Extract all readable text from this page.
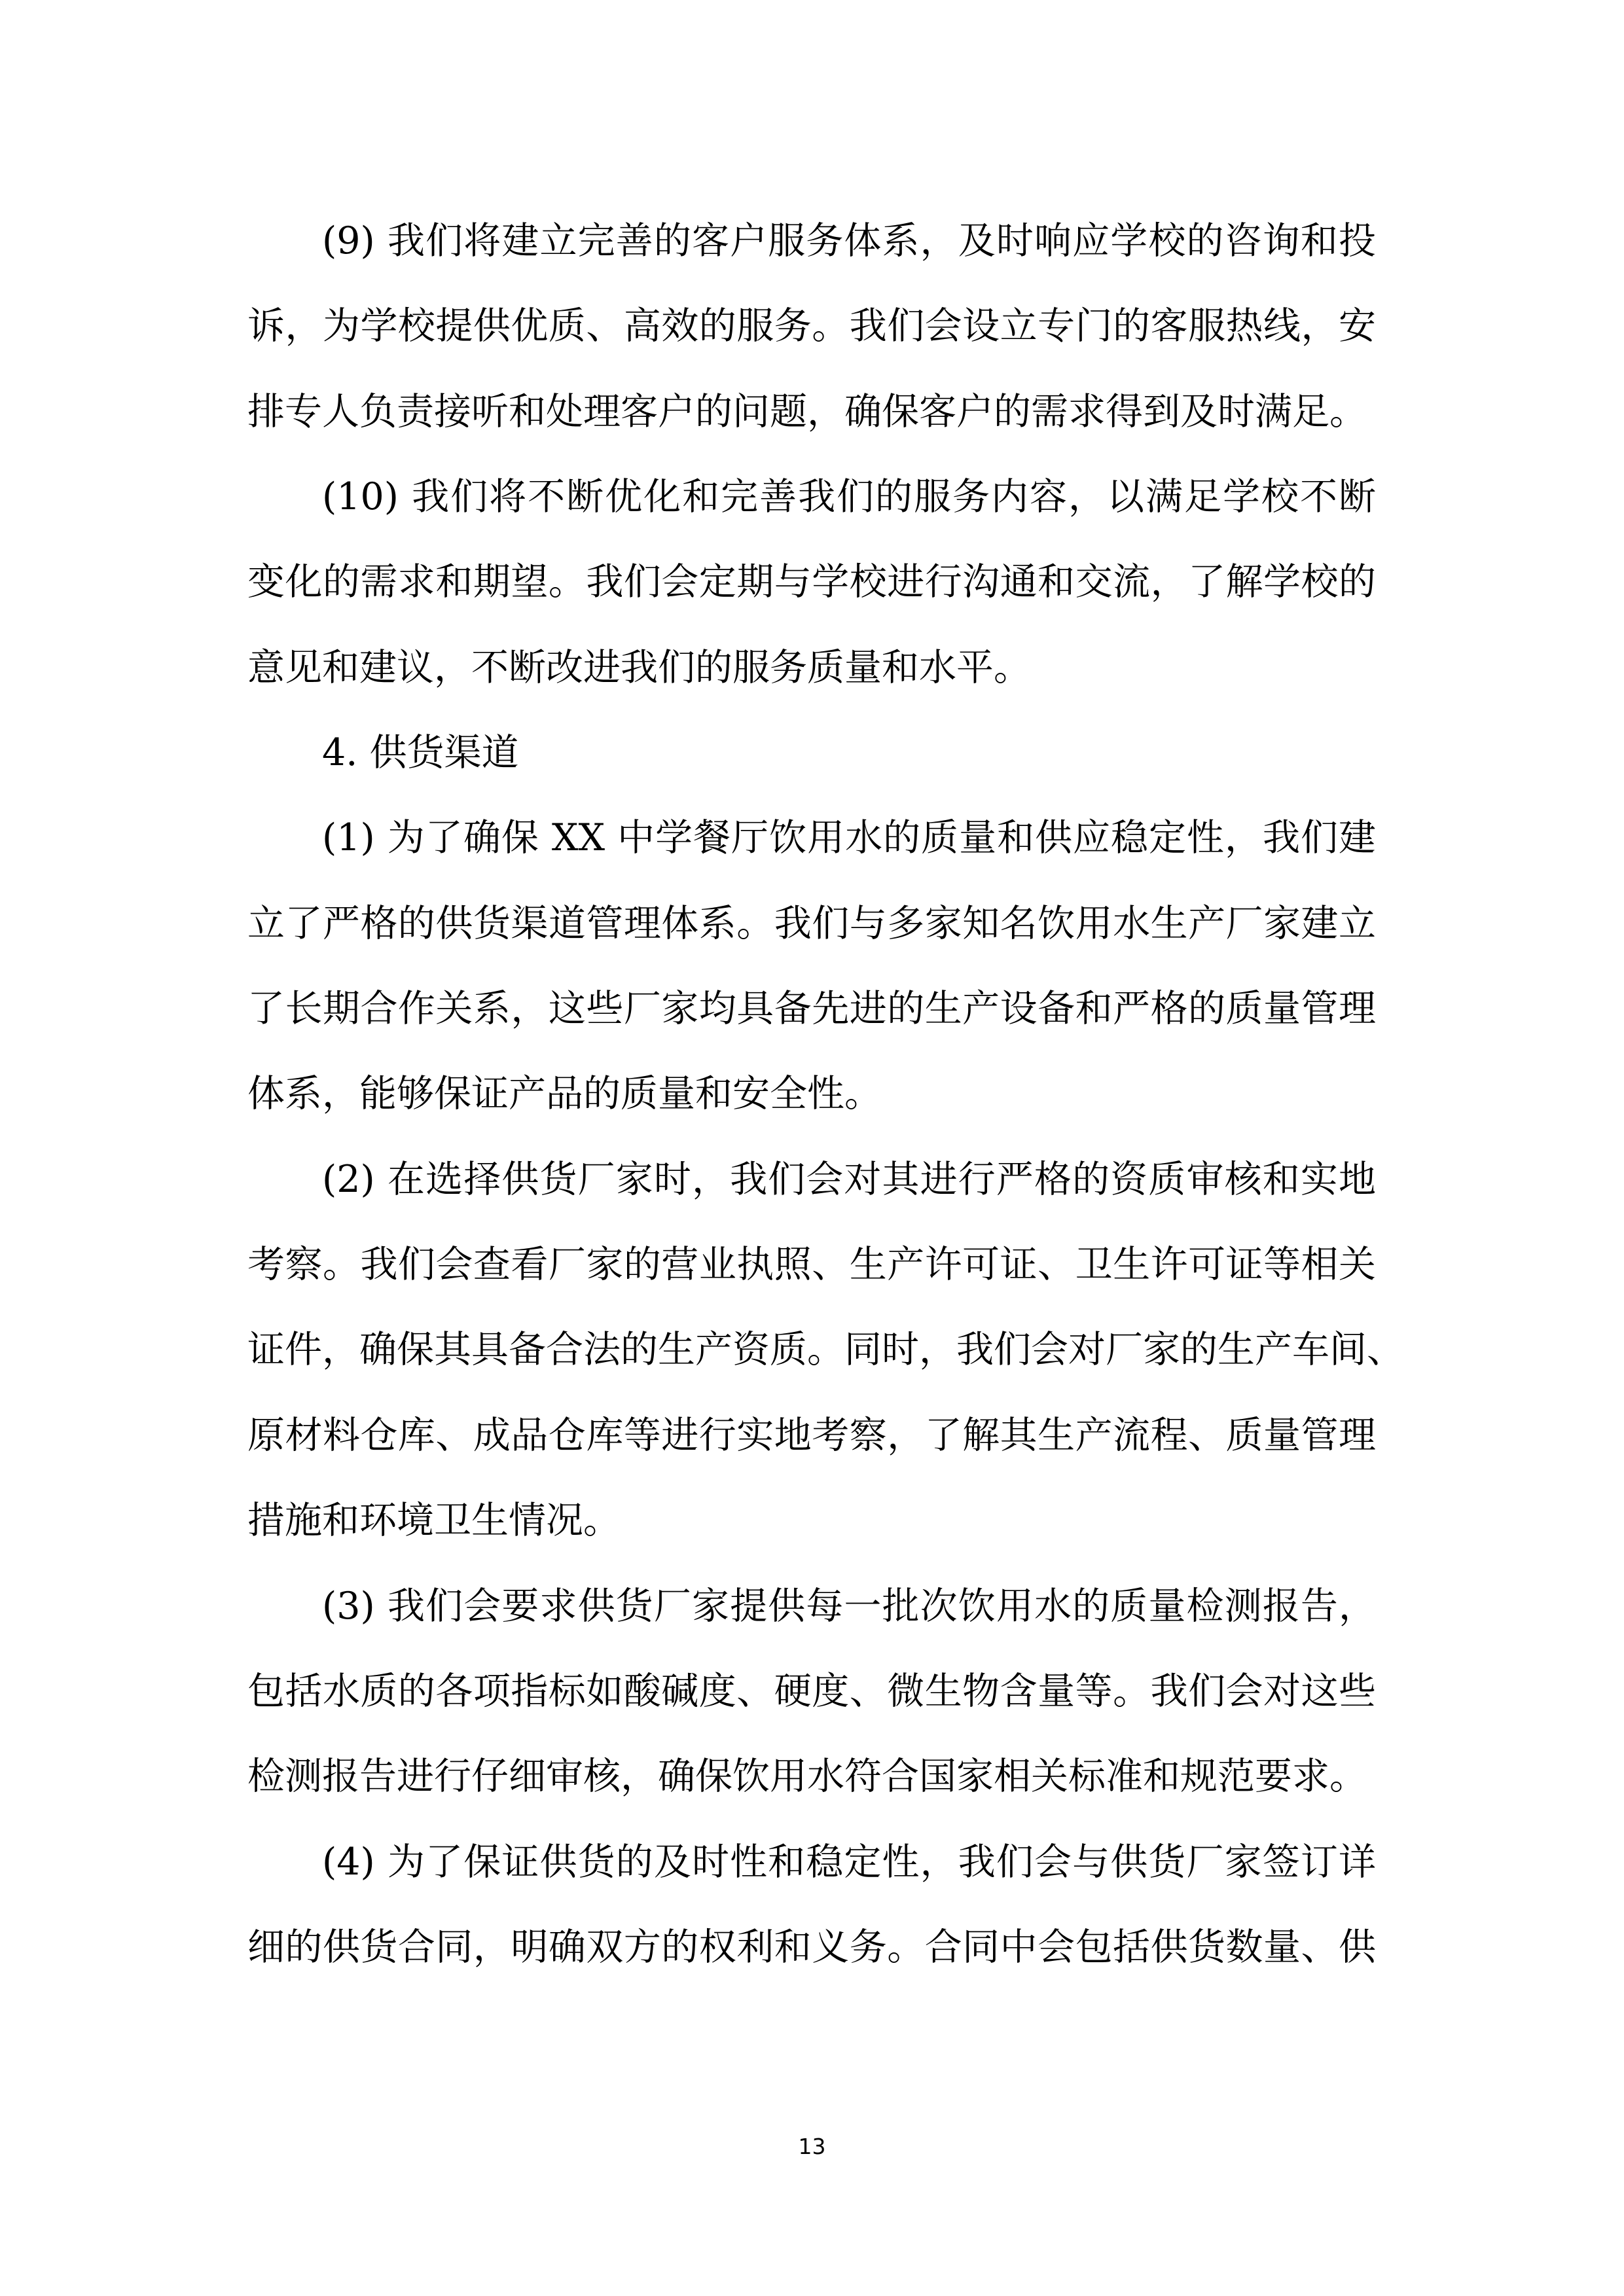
(9) 我们将建立完善的客户服务体系，及时响应学校的咨询和投
诉，为学校提供优质、高效的服务。我们会设立专门的客服热线，安
排专人负责接听和处理客户的问题，确保客户的需求得到及时满足。
(10) 我们将不断优化和完善我们的服务内容，以满足学校不断
变化的需求和期望。我们会定期与学校进行沟通和交流，了解学校的
意见和建议，不断改进我们的服务质量和水平。
4. 供货渠道
(1) 为了确保 XX 中学餐厅饮用水的质量和供应稳定性，我们建
立了严格的供货渠道管理体系。我们与多家知名饮用水生产厂家建立
了长期合作关系，这些厂家均具备先进的生产设备和严格的质量管理
体系，能够保证产品的质量和安全性。
(2) 在选择供货厂家时，我们会对其进行严格的资质审核和实地
考察。我们会查看厂家的营业执照、生产许可证、卫生许可证等相关
证件，确保其具备合法的生产资质。同时，我们会对厂家的生产车间、
原材料仓库、成品仓库等进行实地考察，了解其生产流程、质量管理
措施和环境卫生情况。
(3) 我们会要求供货厂家提供每一批次饮用水的质量检测报告，
包括水质的各项指标如酸碱度、硬度、微生物含量等。我们会对这些
检测报告进行仔细审核，确保饮用水符合国家相关标准和规范要求。
(4) 为了保证供货的及时性和稳定性，我们会与供货厂家签订详
细的供货合同，明确双方的权利和义务。合同中会包括供货数量、供
13
